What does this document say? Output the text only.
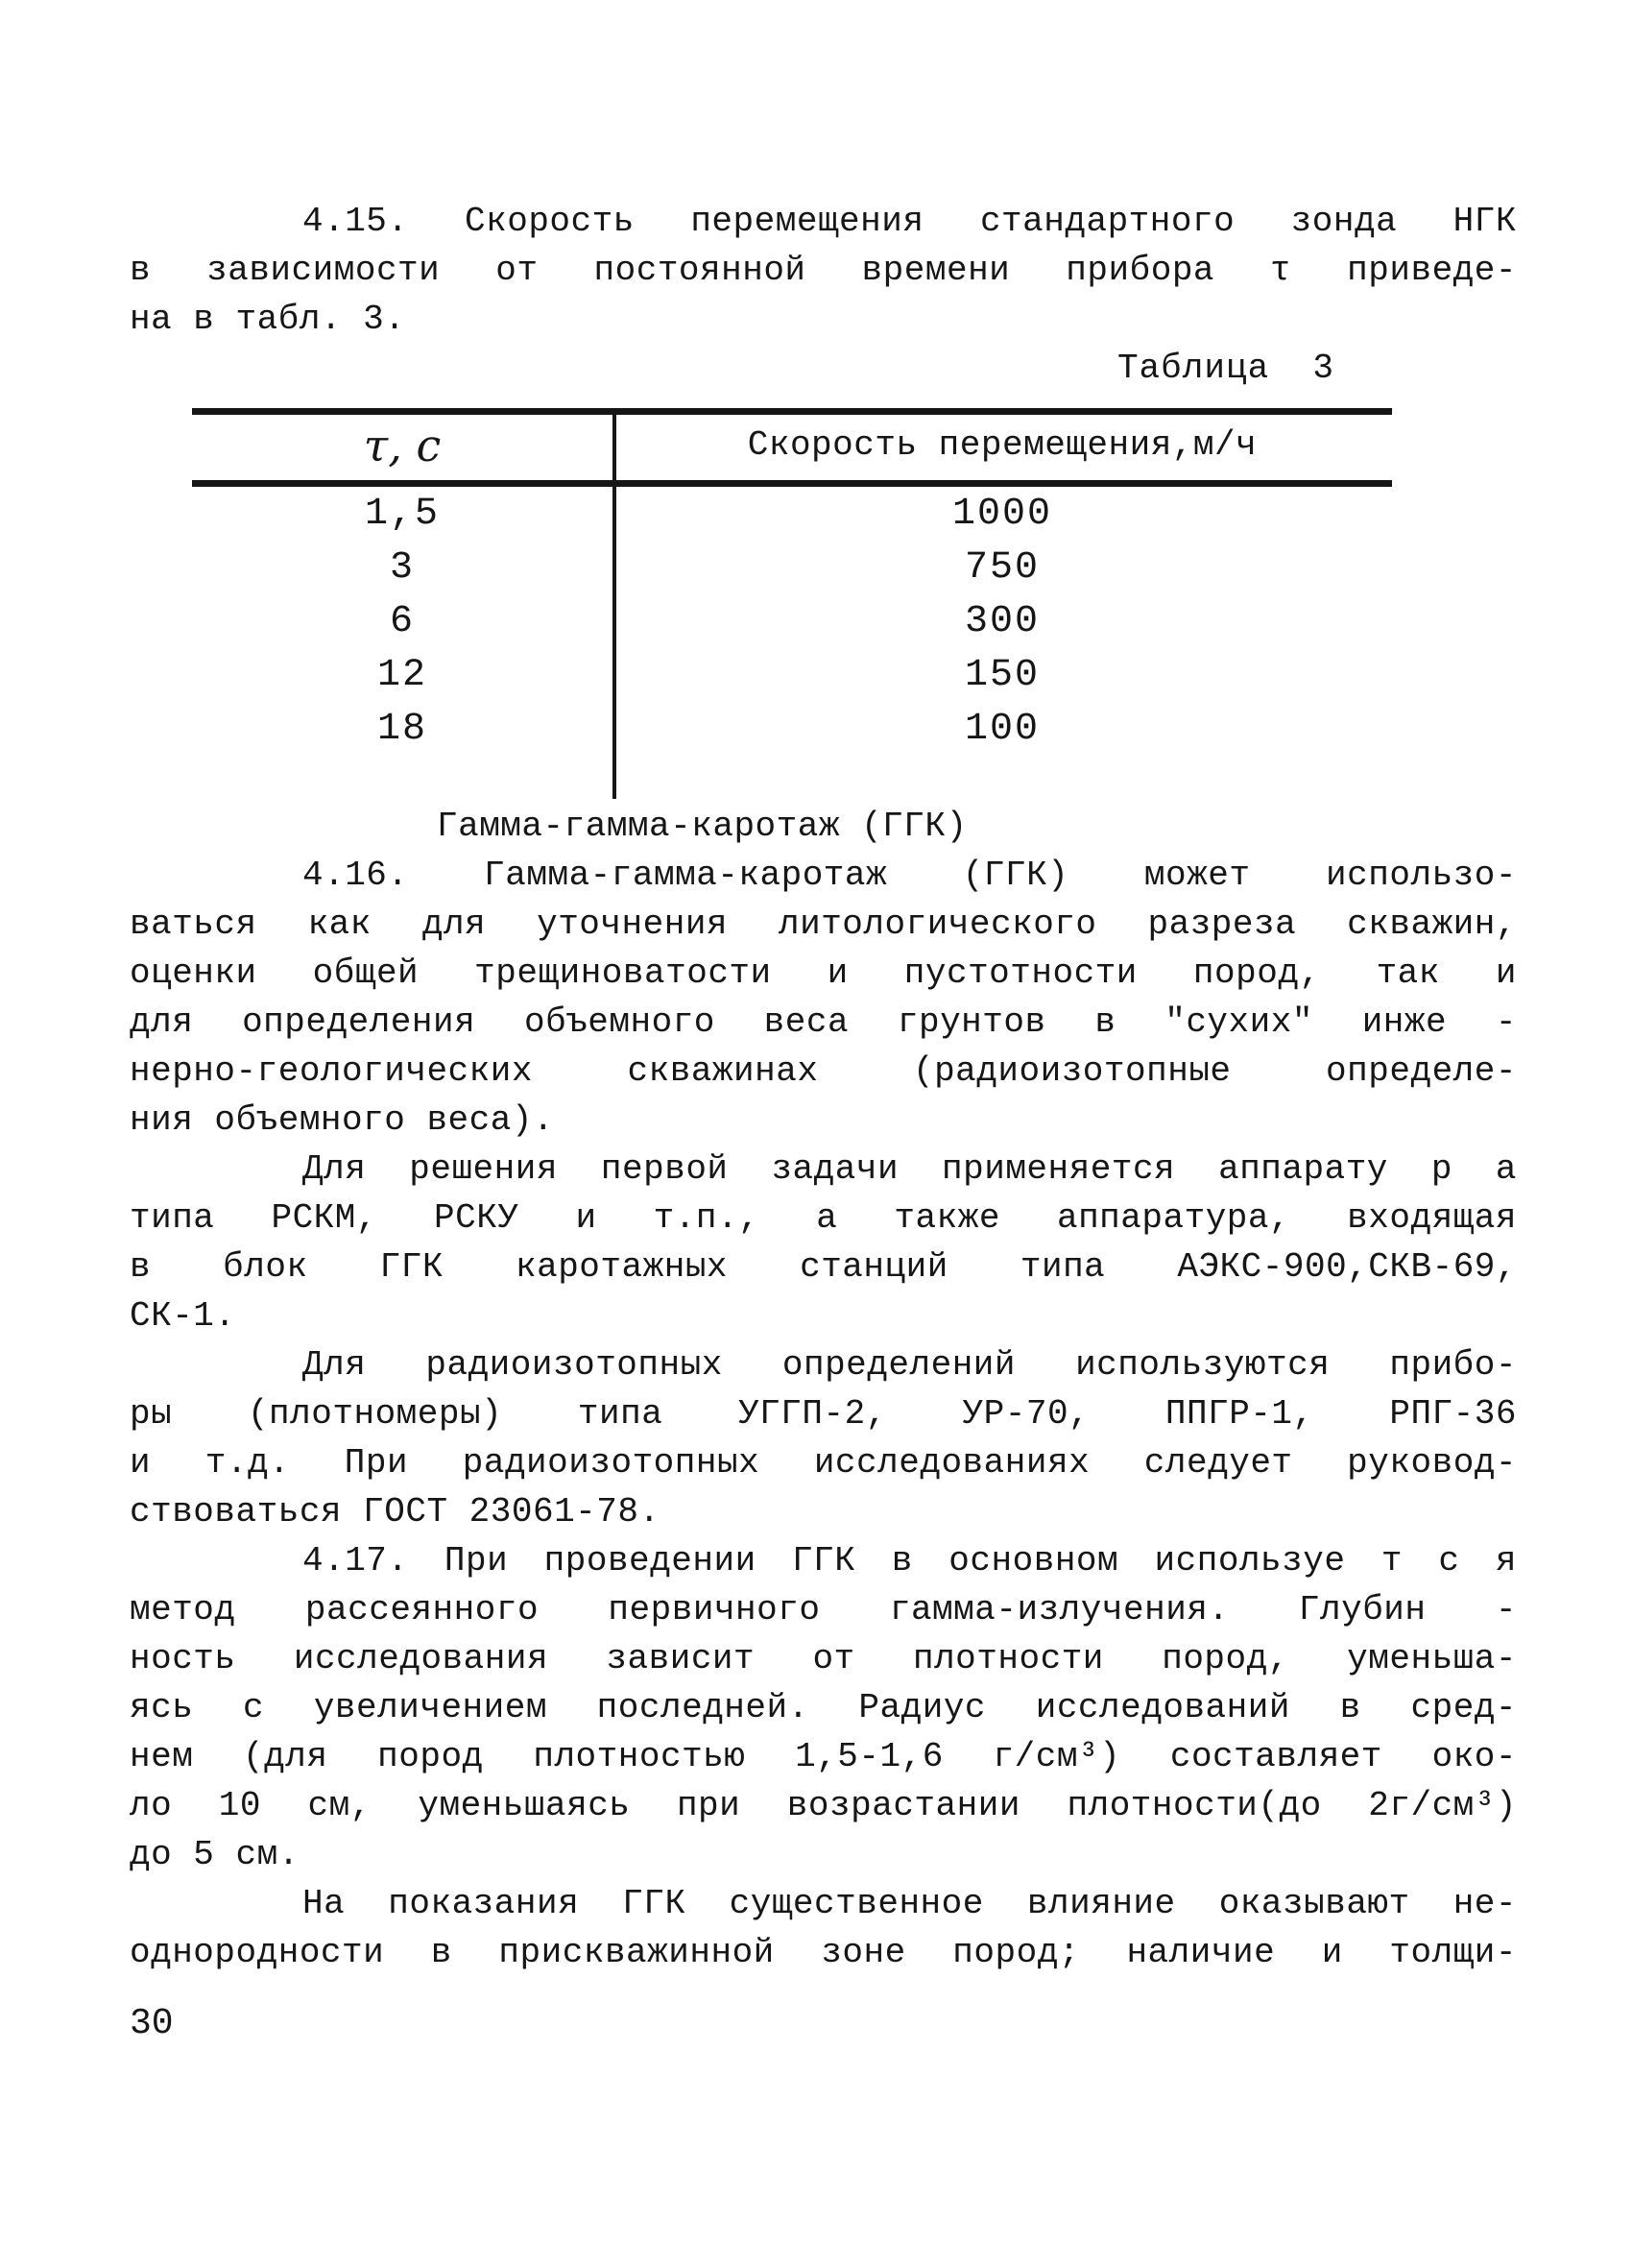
4.15. Скорость перемещения стандартного зонда НГК
в зависимости от постоянной времени прибора τ приведе-
на в табл. 3.
Таблица  3
τ, с	Скорость перемещения,м/ч
1,5	1000
3	750
6	300
12	150
18	100
Гамма-гамма-каротаж (ГГК)
4.16. Гамма-гамма-каротаж (ГГК) может использо-
ваться как для уточнения литологического разреза скважин,
оценки общей трещиноватости и пустотности пород, так и
для определения объемного веса грунтов в ″сухих″ инже -
нерно-геологических скважинах (радиоизотопные определе-
ния объемного веса).
Для решения первой задачи применяется аппарату р а
типа РСКМ, РСКУ и т.п., а также аппаратура, входящая
в блок ГГК каротажных станций типа АЭКС-900,СКВ-69,
СК-1.
Для радиоизотопных определений используются прибо-
ры (плотномеры) типа УГГП-2, УР-70, ППГР-1, РПГ-36
и т.д. При радиоизотопных исследованиях следует руковод-
ствоваться ГОСТ 23061-78.
4.17. При проведении ГГК в основном используе т с я
метод рассеянного первичного гамма-излучения. Глубин -
ность исследования зависит от плотности пород, уменьша-
ясь с увеличением последней. Радиус исследований в сред-
нем (для пород плотностью 1,5-1,6 г/см³) составляет око-
ло 10 см, уменьшаясь при возрастании плотности(до 2г/см³)
до 5 см.
На показания ГГК существенное влияние оказывают не-
однородности в прискважинной зоне пород; наличие и толщи-
30
